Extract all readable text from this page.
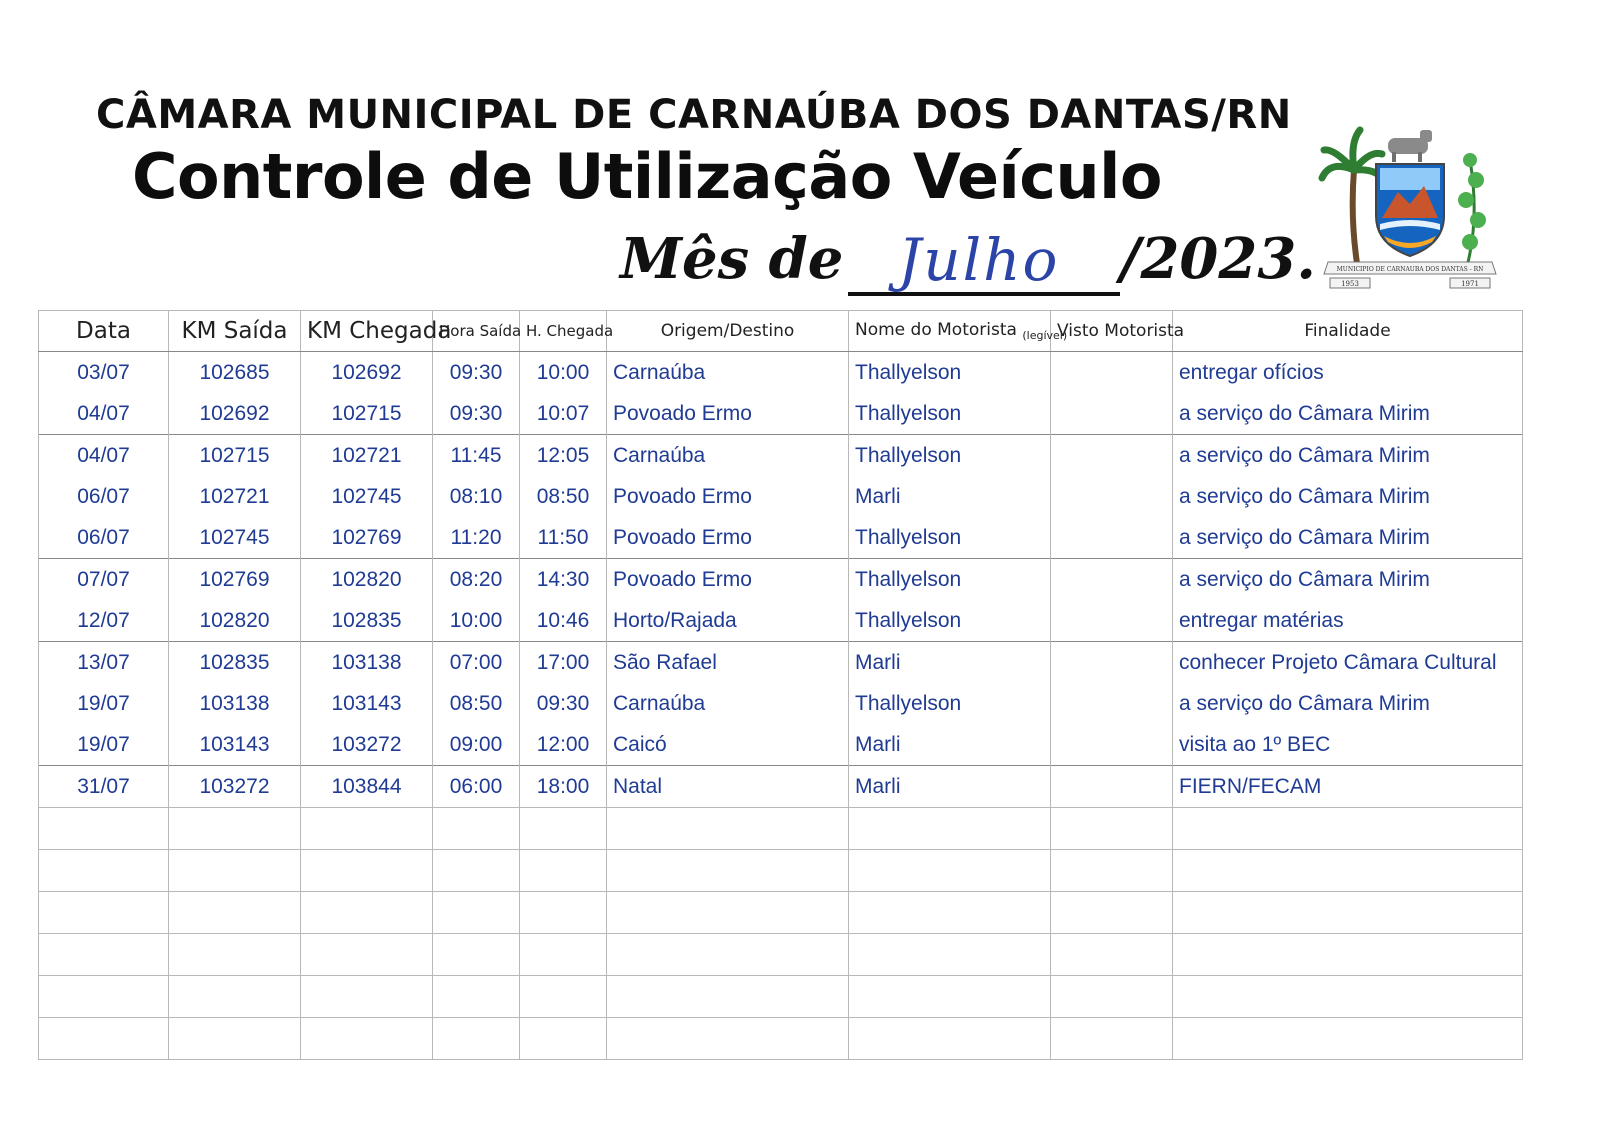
CÂMARA MUNICIPAL DE CARNAÚBA DOS DANTAS/RN
Controle de Utilização Veículo
Mês de Julho /2023.	MUNICIPIO DE CARNAUBA DOS DANTAS - RN
1953	1971
Data	KM Saída	KM Chegada	Hora Saída	H. Chegada	Origem/Destino	Nome do Motorista $_{(legível)}$	Visto Motorista	Finalidade
03/07	102685	102692	09:30	10:00	Carnaúba	Thallyelson		entregar ofícios
04/07	102692	102715	09:30	10:07	Povoado Ermo	Thallyelson		a serviço do Câmara Mirim
04/07	102715	102721	11:45	12:05	Carnaúba	Thallyelson		a serviço do Câmara Mirim
06/07	102721	102745	08:10	08:50	Povoado Ermo	Marli		a serviço do Câmara Mirim
06/07	102745	102769	11:20	11:50	Povoado Ermo	Thallyelson		a serviço do Câmara Mirim
07/07	102769	102820	08:20	14:30	Povoado Ermo	Thallyelson		a serviço do Câmara Mirim
12/07	102820	102835	10:00	10:46	Horto/Rajada	Thallyelson		entregar matérias
13/07	102835	103138	07:00	17:00	São Rafael	Marli		conhecer Projeto Câmara Cultural
19/07	103138	103143	08:50	09:30	Carnaúba	Thallyelson		a serviço do Câmara Mirim
19/07	103143	103272	09:00	12:00	Caicó	Marli		visita ao 1º BEC
31/07	103272	103844	06:00	18:00	Natal	Marli		FIERN/FECAM
